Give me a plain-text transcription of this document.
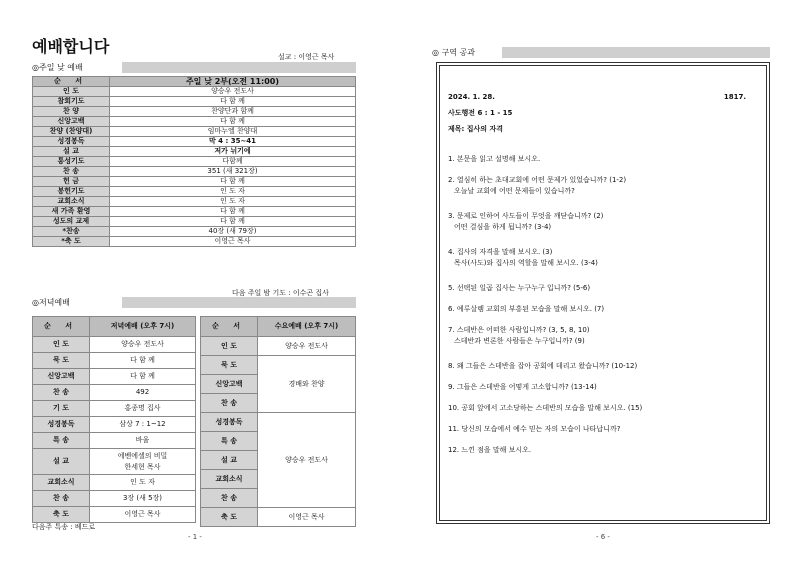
예배합니다
설교 : 이영근 목사
◎주일 낮 예배
순 서	주일 낮 2부(오전 11:00)
인 도	양승우 전도사
참회기도	다 함 께
찬 양	찬양단과 함께
신앙고백	다 함 께
찬양 (찬양대)	임마누엘 찬양대
성경봉독	막 4 : 35~41
설 교	저가 뉘기에
통성기도	다함께
찬 송	351 (새 321장)
헌 금	다 함 께
봉헌기도	인 도 자
교회소식	인 도 자
새 가족 환영	다 함 께
성도의 교제	다 함 께
*찬송	40장 (새 79장)
*축 도	이영근 목사
다음 주일 밤 기도 : 이수곤 집사
◎저녁예배
순 서	저녁예배 (오후 7시)
인 도	양승우 전도사
묵 도	다 함 께
신앙고백	다 함 께
찬 송	492
기 도	홍종명 집사
성경봉독	삼상 7 : 1~12
특 송	바울
설 교	에벤에셀의 비밀
한세현 목사

교회소식	인 도 자
찬 송	3장 (새 5장)
축 도	이영근 목사
순 서	수요예배 (오후 7시)
인 도	양승우 전도사
묵 도	경배와 찬양
신앙고백	
찬 송	
성경봉독	양승우 전도사
특 송	
설 교	
교회소식	
찬 송	
축 도	이영근 목사
다음주 특송 : 베드로
- 1 -
◎ 구역 공과
2024. 1. 28.	1817.
사도행전 6 : 1 - 15
제목: 집사의 자격
1. 본문을 읽고 설명해 보시오.
2. 열심히 하는 초대교회에 어떤 문제가 있었습니까? (1-2)
오늘날 교회에 어떤 문제들이 있습니까?
3. 문제로 인하여 사도들이 무엇을 깨닫습니까? (2)
어떤 결심을 하게 됩니까? (3-4)
4. 집사의 자격을 말해 보시오. (3)
목사(사도)와 집사의 역할을 말해 보시오. (3-4)
5. 선택된 일곱 집사는 누구누구 입니까? (5-6)
6. 예루살렘 교회의 부흥된 모습을 말해 보시오. (7)
7. 스데반은 어떠한 사람입니까? (3, 5, 8, 10)
스데반과 변론한 사람들은 누구입니까? (9)
8. 왜 그들은 스데반을 잡아 공회에 데리고 왔습니까? (10-12)
9. 그들은 스데반을 어떻게 고소합니까? (13-14)
10. 공회 앞에서 고소당하는 스데반의 모습을 말해 보시오. (15)
11. 당신의 모습에서 예수 믿는 자의 모습이 나타납니까?
12. 느낀 점을 말해 보시오.
- 6 -
